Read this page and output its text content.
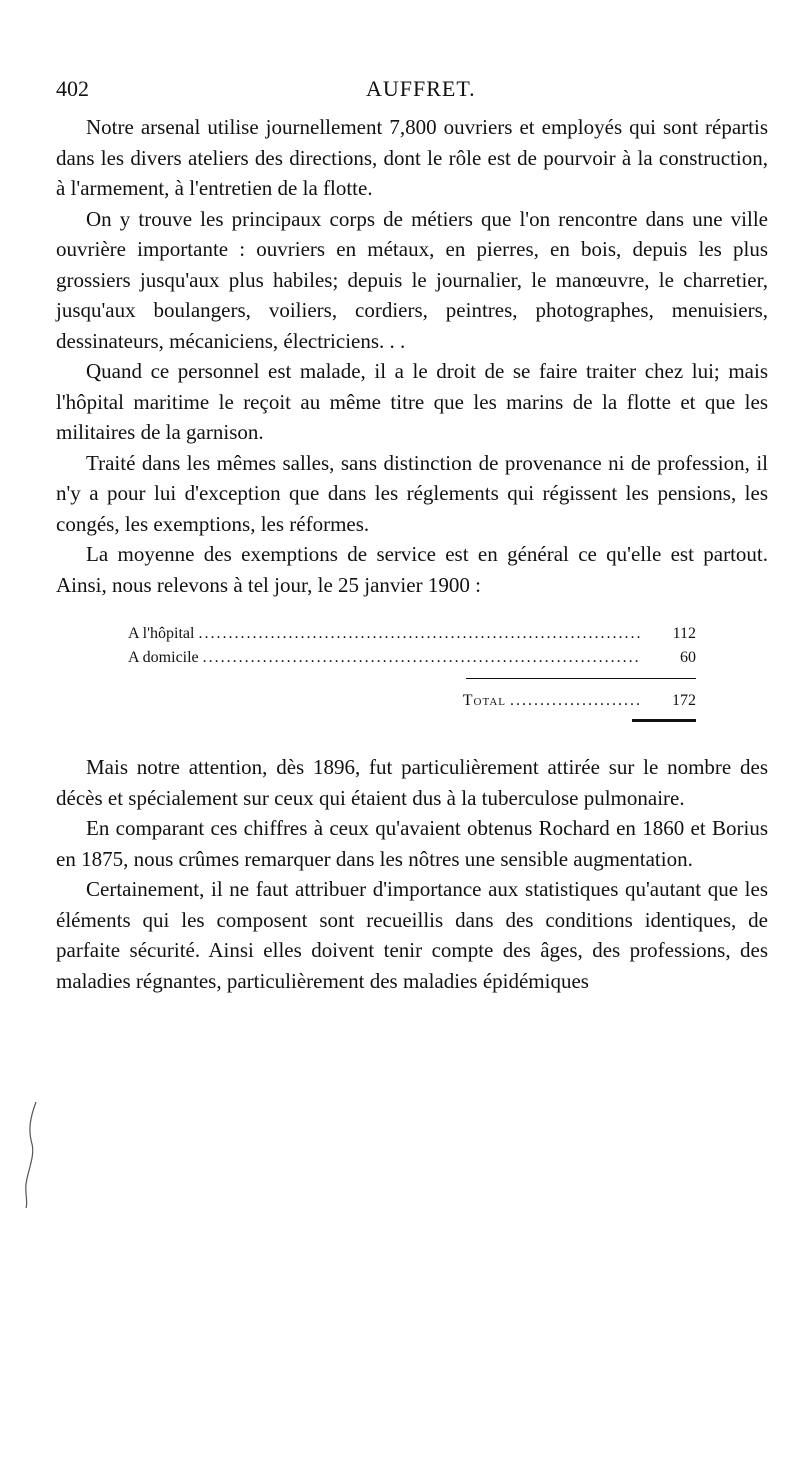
402	AUFFRET.

Notre arsenal utilise journellement 7,800 ouvriers et employés qui sont répartis dans les divers ateliers des directions, dont le rôle est de pourvoir à la construction, à l'armement, à l'entretien de la flotte.

On y trouve les principaux corps de métiers que l'on rencontre dans une ville ouvrière importante : ouvriers en métaux, en pierres, en bois, depuis les plus grossiers jusqu'aux plus habiles; depuis le journalier, le manœuvre, le charretier, jusqu'aux boulangers, voiliers, cordiers, peintres, photographes, menuisiers, dessinateurs, mécaniciens, électriciens. . .

Quand ce personnel est malade, il a le droit de se faire traiter chez lui; mais l'hôpital maritime le reçoit au même titre que les marins de la flotte et que les militaires de la garnison.

Traité dans les mêmes salles, sans distinction de provenance ni de profession, il n'y a pour lui d'exception que dans les réglements qui régissent les pensions, les congés, les exemptions, les réformes.

La moyenne des exemptions de service est en général ce qu'elle est partout. Ainsi, nous relevons à tel jour, le 25 janvier 1900 :

A l'hôpital . . .	112
A domicile . . .	60
Total . . .	172

Mais notre attention, dès 1896, fut particulièrement attirée sur le nombre des décès et spécialement sur ceux qui étaient dus à la tuberculose pulmonaire.

En comparant ces chiffres à ceux qu'avaient obtenus Rochard en 1860 et Borius en 1875, nous crûmes remarquer dans les nôtres une sensible augmentation.

Certainement, il ne faut attribuer d'importance aux statistiques qu'autant que les éléments qui les composent sont recueillis dans des conditions identiques, de parfaite sécurité. Ainsi elles doivent tenir compte des âges, des professions, des maladies régnantes, particulièrement des maladies épidémiques
